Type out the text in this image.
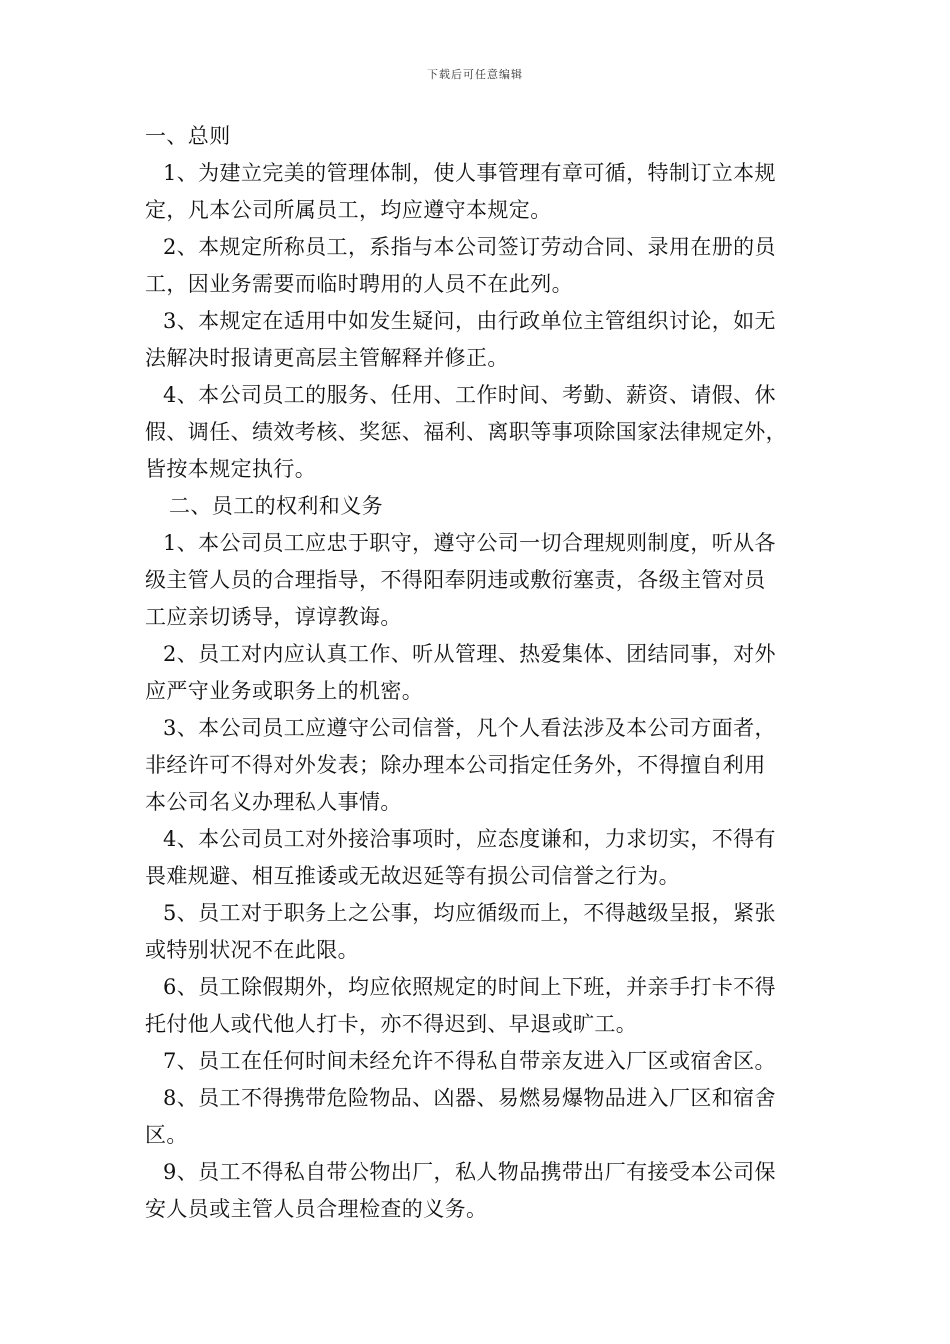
下载后可任意编辑
一、总则
1、为建立完美的管理体制，使人事管理有章可循，特制订立本规
定，凡本公司所属员工，均应遵守本规定。
2、本规定所称员工，系指与本公司签订劳动合同、录用在册的员
工，因业务需要而临时聘用的人员不在此列。
3、本规定在适用中如发生疑问，由行政单位主管组织讨论，如无
法解决时报请更高层主管解释并修正。
4、本公司员工的服务、任用、工作时间、考勤、薪资、请假、休
假、调任、绩效考核、奖惩、福利、离职等事项除国家法律规定外，
皆按本规定执行。
二、员工的权利和义务
1、本公司员工应忠于职守，遵守公司一切合理规则制度，听从各
级主管人员的合理指导，不得阳奉阴违或敷衍塞责，各级主管对员
工应亲切诱导，谆谆教诲。
2、员工对内应认真工作、听从管理、热爱集体、团结同事，对外
应严守业务或职务上的机密。
3、本公司员工应遵守公司信誉，凡个人看法涉及本公司方面者，
非经许可不得对外发表；除办理本公司指定任务外，不得擅自利用
本公司名义办理私人事情。
4、本公司员工对外接洽事项时，应态度谦和，力求切实，不得有
畏难规避、相互推诿或无故迟延等有损公司信誉之行为。
5、员工对于职务上之公事，均应循级而上，不得越级呈报，紧张
或特别状况不在此限。
6、员工除假期外，均应依照规定的时间上下班，并亲手打卡不得
托付他人或代他人打卡，亦不得迟到、早退或旷工。
7、员工在任何时间未经允许不得私自带亲友进入厂区或宿舍区。
8、员工不得携带危险物品、凶器、易燃易爆物品进入厂区和宿舍
区。
9、员工不得私自带公物出厂，私人物品携带出厂有接受本公司保
安人员或主管人员合理检查的义务。
